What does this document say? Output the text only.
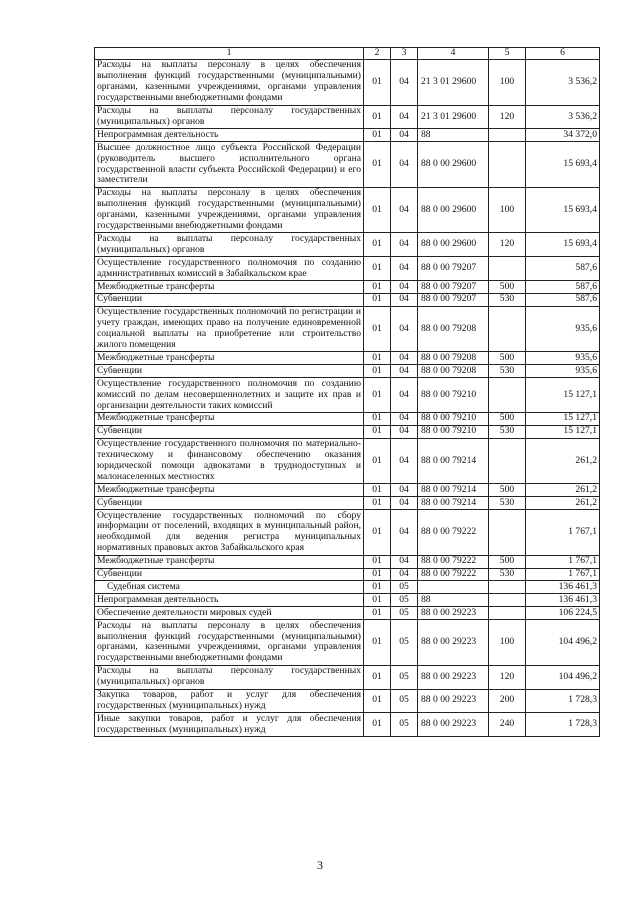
1	2	3	4	5	6
Расходы на выплаты персоналу в целях обеспечения выполнения функций государственными (муниципальными) органами, казенными учреждениями, органами управления государственными внебюджетными фондами	01	04	21 3 01 29600	100	3 536,2
Расходы на выплаты персоналу государственных (муниципальных) органов	01	04	21 3 01 29600	120	3 536,2
Непрограммная деятельность	01	04	88		34 372,0
Высшее должностное лицо субъекта Российской Федерации (руководитель высшего исполнительного органа государственной власти субъекта Российской Федерации) и его заместители	01	04	88 0 00 29600		15 693,4
Расходы на выплаты персоналу в целях обеспечения выполнения функций государственными (муниципальными) органами, казенными учреждениями, органами управления государственными внебюджетными фондами	01	04	88 0 00 29600	100	15 693,4
Расходы на выплаты персоналу государственных (муниципальных) органов	01	04	88 0 00 29600	120	15 693,4
Осуществление государственного полномочия по созданию административных комиссий в Забайкальском крае	01	04	88 0 00 79207		587,6
Межбюджетные трансферты	01	04	88 0 00 79207	500	587,6
Субвенции	01	04	88 0 00 79207	530	587,6
Осуществление государственных полномочий по регистрации и учету граждан, имеющих право на получение единовременной социальной выплаты на приобретение или строительство жилого помещения	01	04	88 0 00 79208		935,6
Межбюджетные трансферты	01	04	88 0 00 79208	500	935,6
Субвенции	01	04	88 0 00 79208	530	935,6
Осуществление государственного полномочия по созданию комиссий по делам несовершеннолетних и защите их прав и организации деятельности таких комиссий	01	04	88 0 00 79210		15 127,1
Межбюджетные трансферты	01	04	88 0 00 79210	500	15 127,1
Субвенции	01	04	88 0 00 79210	530	15 127,1
Осуществление государственного полномочия по материально-техническому и финансовому обеспечению оказания юридической помощи адвокатами в труднодоступных и малонаселенных местностях	01	04	88 0 00 79214		261,2
Межбюджетные трансферты	01	04	88 0 00 79214	500	261,2
Субвенции	01	04	88 0 00 79214	530	261,2
Осуществление государственных полномочий по сбору информации от поселений, входящих в муниципальный район, необходимой для ведения регистра муниципальных нормативных правовых актов Забайкальского края	01	04	88 0 00 79222		1 767,1
Межбюджетные трансферты	01	04	88 0 00 79222	500	1 767,1
Субвенции	01	04	88 0 00 79222	530	1 767,1
Судебная система	01	05			136 461,3
Непрограммная деятельность	01	05	88		136 461,3
Обеспечение деятельности мировых судей	01	05	88 0 00 29223		106 224,5
Расходы на выплаты персоналу в целях обеспечения выполнения функций государственными (муниципальными) органами, казенными учреждениями, органами управления государственными внебюджетными фондами	01	05	88 0 00 29223	100	104 496,2
Расходы на выплаты персоналу государственных (муниципальных) органов	01	05	88 0 00 29223	120	104 496,2
Закупка товаров, работ и услуг для обеспечения государственных (муниципальных) нужд	01	05	88 0 00 29223	200	1 728,3
Иные закупки товаров, работ и услуг для обеспечения государственных (муниципальных) нужд	01	05	88 0 00 29223	240	1 728,3
3
